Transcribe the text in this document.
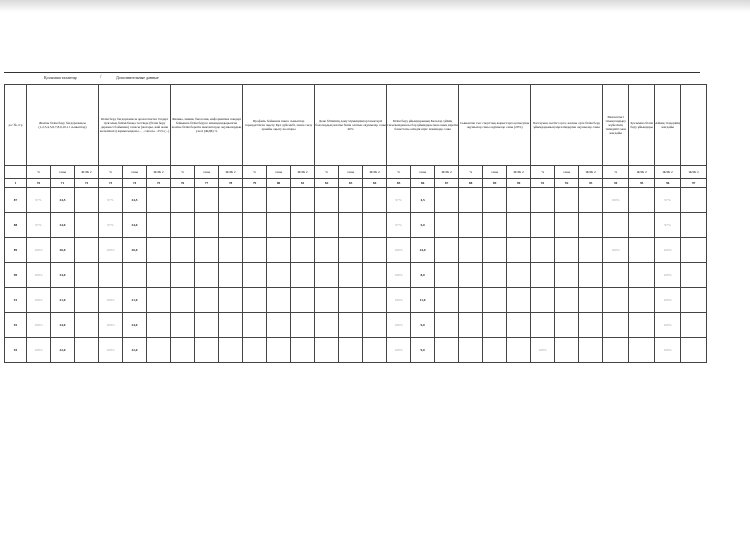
Қосымша талаптар	/	Дополнительные данные
р/с № стр	Жалпы білім беру бағдарламасы (1,2,3,4,5,6,7,8,9,10,11 сыныптар)			Білім беру бағдарламасы аралас/шетел тілдері тұлғалық білімі/биоқа тестінде (білім беру дәрежесі бойынша) сапасы (жоғары, жай және жеткіліксіз) жұмысындағы ... , сапасы - 25% (...)			Физика, химия, биология, информатика пәндері бойынша білім беруге мамандандырылған жалпы білім беретін мектептерде оқушылардың үлесі (ЖДБ) %			Профиль бойынша пәнге сыныптар тереңдетілген оқыту. Бұл дүйсенбі, пәнге сызу арнайы оқыту жоспары			Дене бітімінің даму мүмкіндіктері шектеулі балалардың жалпы білім алатын оқушылар саны 40%			Білім беру ұйымдарының Балалар үйінің тағылымдамасы бар ұйымдары мен оның кіретін бағыттағы өзіндік кіріс мамандар саны			Сыныптан тыс спорттық жарыстарға қатысушы оқушылар саны оқушылар саны (20%)			Бастауыш, негізгі орта, жалпы орта білім беру ұйымдарының мұғалімдеріне оқушылар саны			Мектептегі тамақтандыру жүйесінің тиімділігі мен жағдайы	Қосымша білім беру ұйымдары	Аймақ тілдерінің жағдайы	
	%	саны	ЖЛК 2	%	саны	ЖЛК 2	%	саны	ЖЛК 2	%	саны	ЖЛК 2	%	саны	ЖЛК 2	%	саны	ЖЛК 2	%	саны	ЖЛК 2	%	саны	ЖЛК 2	%	ЖЛК 2	ЖЛК 2	ЖЛК 2
1	70	71	72	73	74	75	76	77	78	79	80	81	82	83	84	85	86	87	88	89	90	91	92	93	94	95	96	97
87	97%	24,5		97%	24,5											97%	4,5								100%		97%	
88	97%	24,0		97%	24,0											97%	5,0										97%	
89	100%	20,0		100%	20,0											100%	24,0								100%		100%	
90	100%	24,0														100%	8,0										100%	
91	100%	21,0		100%	21,0											100%	11,0										100%	
92	100%	24,0		100%	24,0											100%	9,0										100%	
93	100%	22,0		100%	22,0											100%	9,0					100%					100%	
